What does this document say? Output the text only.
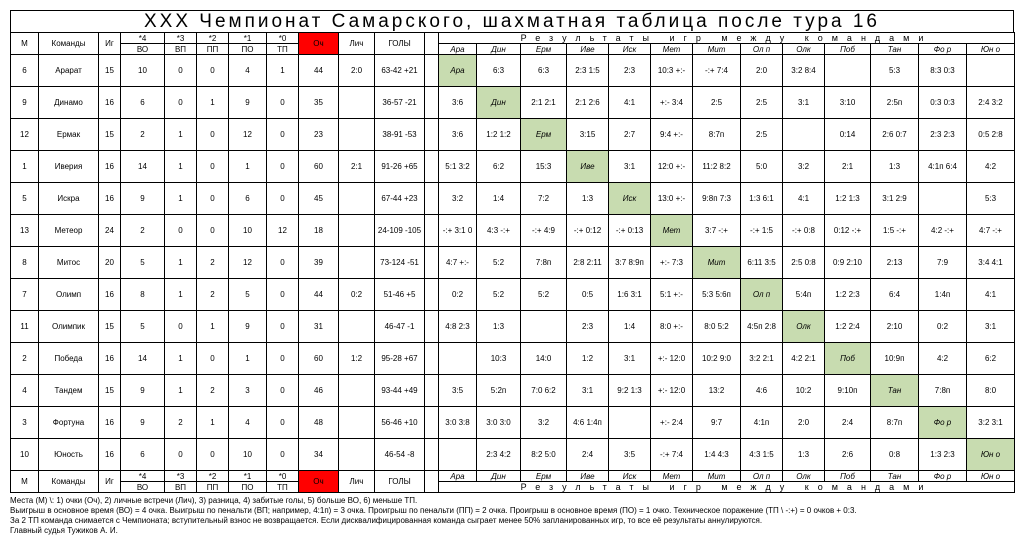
XXX Чемпионат Самарского, шахматная таблица после тура 16
М	Команды	Иг	*4	*3	*2	*1	*0	Оч	Лич	ГОЛЫ		Результаты игр между командами												
			ВО	ВП	ПП	ПО	ТП					Ара	Дин	Ерм	Иве	Иск	Мет	Мит	Ол п	Олк	Поб	Тан	Фо р	Юн о
6	Арарат	15	10	0	0	4	1	44	2:0	63-42 +21		Ара	6:3	6:3	2:3 1:5	2:3	10:3 +:-	-:+ 7:4	2:0	3:2 8:4		5:3	8:3 0:3	
9	Динамо	16	6	0	1	9	0	35		36-57 -21		3:6	Дин	2:1 2:1	2:1 2:6	4:1	+:- 3:4	2:5	2:5	3:1	3:10	2:5п	0:3 0:3	2:4 3:2
12	Ермак	15	2	1	0	12	0	23		38-91 -53		3:6	1:2 1:2	Ерм	3:15	2:7	9:4 +:-	8:7п	2:5		0:14	2:6 0:7	2:3 2:3	0:5 2:8
1	Иверия	16	14	1	0	1	0	60	2:1	91-26 +65		5:1 3:2	6:2	15:3	Иве	3:1	12:0 +:-	11:2 8:2	5:0	3:2	2:1	1:3	4:1п 6:4	4:2
5	Искра	16	9	1	0	6	0	45		67-44 +23		3:2	1:4	7:2	1:3	Иск	13:0 +:-	9:8п 7:3	1:3 6:1	4:1	1:2 1:3	3:1 2:9		5:3
13	Метеор	24	2	0	0	10	12	18		24-109 -105		-:+ 3:1 0	4:3 -:+	-:+ 4:9	-:+ 0:12	-:+ 0:13	Мет	3:7 -:+	-:+ 1:5	-:+ 0:8	0:12 -:+	1:5 -:+	4:2 -:+	4:7 -:+
8	Митос	20	5	1	2	12	0	39		73-124 -51		4:7 +:-	5:2	7:8п	2:8 2:11	3:7 8:9п	+:- 7:3	Мит	6:11 3:5	2:5 0:8	0:9 2:10	2:13	7:9	3:4 4:1
7	Олимп	16	8	1	2	5	0	44	0:2	51-46 +5		0:2	5:2	5:2	0:5	1:6 3:1	5:1 +:-	5:3 5:6п	Ол п	5:4п	1:2 2:3	6:4	1:4п	4:1
11	Олимпик	15	5	0	1	9	0	31		46-47 -1		4:8 2:3	1:3		2:3	1:4	8:0 +:-	8:0 5:2	4:5п 2:8	Олк	1:2 2:4	2:10	0:2	3:1
2	Победа	16	14	1	0	1	0	60	1:2	95-28 +67			10:3	14:0	1:2	3:1	+:- 12:0	10:2 9:0	3:2 2:1	4:2 2:1	Поб	10:9п	4:2	6:2
4	Тандем	15	9	1	2	3	0	46		93-44 +49		3:5	5:2п	7:0 6:2	3:1	9:2 1:3	+:- 12:0	13:2	4:6	10:2	9:10п	Тан	7:8п	8:0
3	Фортуна	16	9	2	1	4	0	48		56-46 +10		3:0 3:8	3:0 3:0	3:2	4:6 1:4п		+:- 2:4	9:7	4:1п	2:0	2:4	8:7п	Фо р	3:2 3:1
10	Юность	16	6	0	0	10	0	34		46-54 -8			2:3 4:2	8:2 5:0	2:4	3:5	-:+ 7:4	1:4 4:3	4:3 1:5	1:3	2:6	0:8	1:3 2:3	Юн о
М	Команды	Иг	*4	*3	*2	*1	*0	Оч	Лич	ГОЛЫ		Ара	Дин	Ерм	Иве	Иск	Мет	Мит	Ол п	Олк	Поб	Тан	Фо р	Юн о
			ВО	ВП	ПП	ПО	ТП					Результаты игр между командами												
Места (М) \: 1) очки (Оч), 2) личные встречи (Лич), 3) разница, 4) забитые голы, 5) больше ВО, 6) меньше ТП.
Выигрыш в основное время (ВО) = 4 очка. Выигрыш по пенальти (ВП; например, 4:1п) = 3 очка. Проигрыш по пенальти (ПП) = 2 очка. Проигрыш в основное время (ПО) = 1 очко. Техническое поражение (ТП \ -:+) = 0 очков + 0:3.
За 2 ТП команда снимается с Чемпионата; вступительный взнос не возвращается. Если дисквалифицированная команда сыграет менее 50% запланированных игр, то все её результаты аннулируются.
Главный судья Тужиков А. И.
